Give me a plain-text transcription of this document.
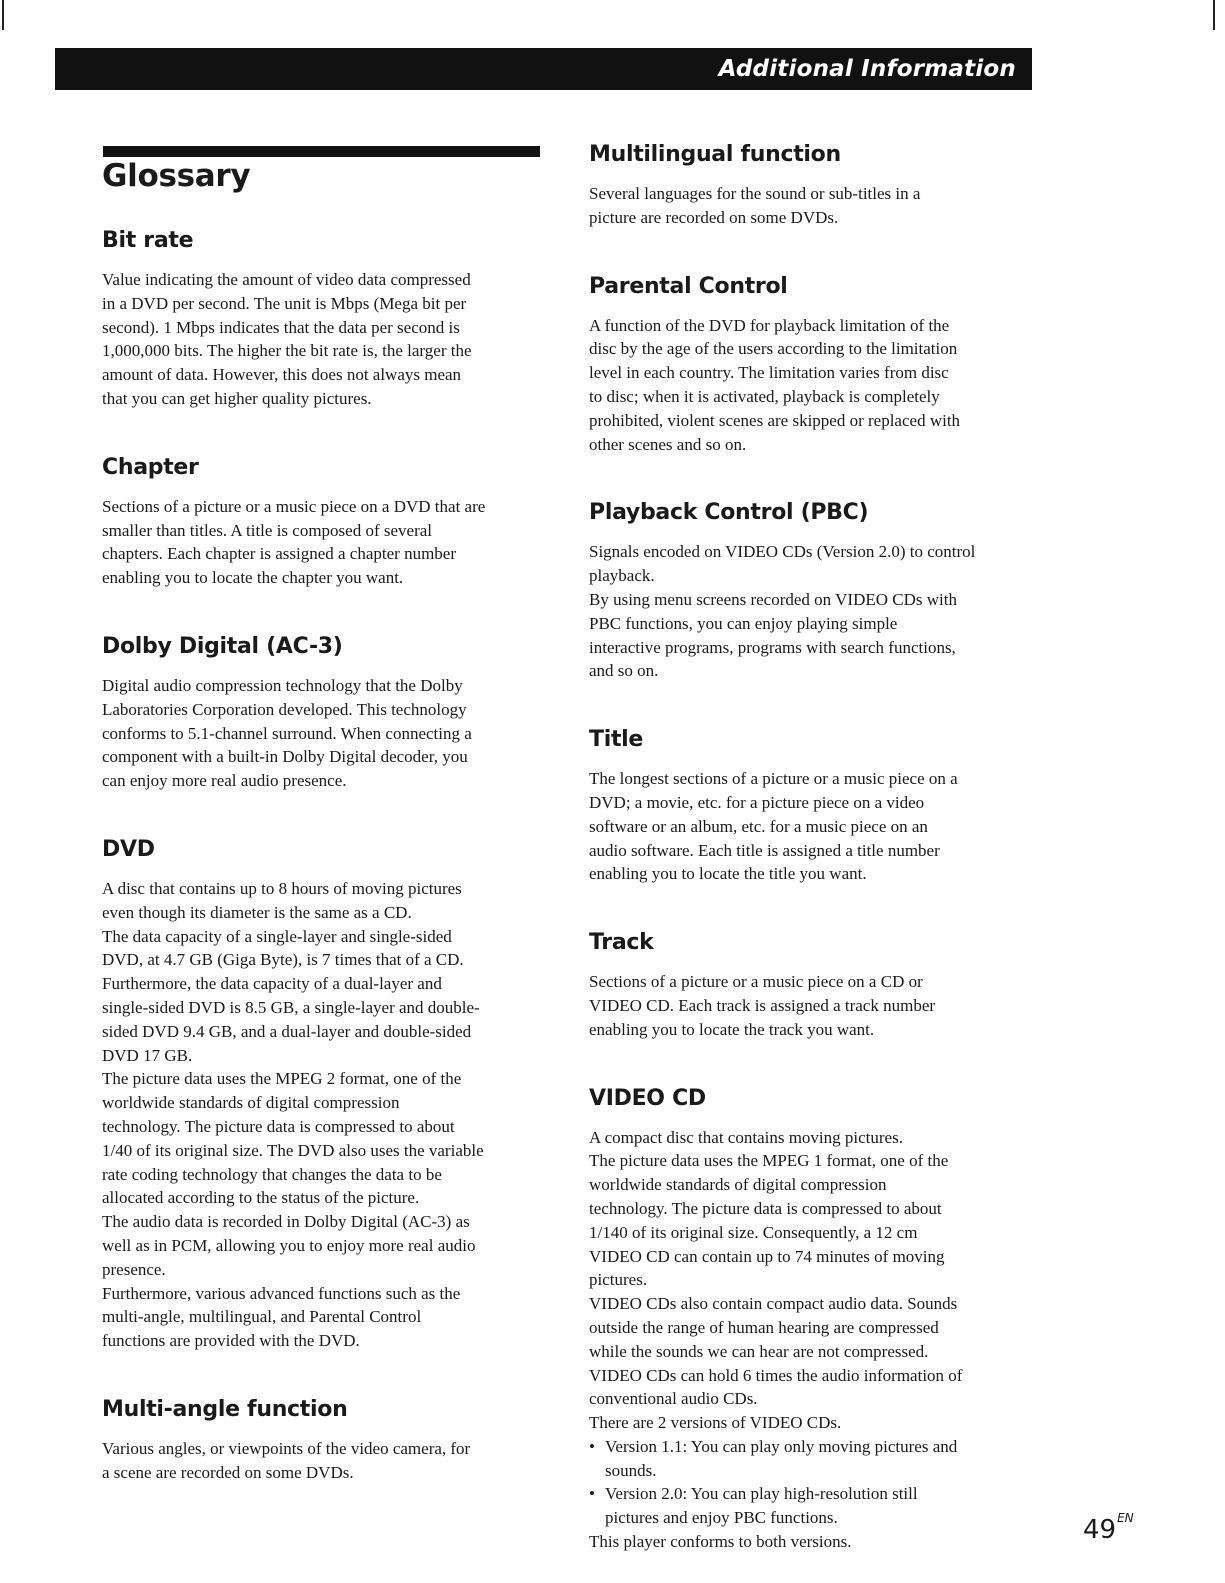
Additional Information
Glossary
Bit rate

Value indicating the amount of video data compressed
in a DVD per second. The unit is Mbps (Mega bit per
second). 1 Mbps indicates that the data per second is
1,000,000 bits. The higher the bit rate is, the larger the
amount of data. However, this does not always mean
that you can get higher quality pictures.

Chapter

Sections of a picture or a music piece on a DVD that are
smaller than titles. A title is composed of several
chapters. Each chapter is assigned a chapter number
enabling you to locate the chapter you want.

Dolby Digital (AC-3)

Digital audio compression technology that the Dolby
Laboratories Corporation developed. This technology
conforms to 5.1-channel surround. When connecting a
component with a built-in Dolby Digital decoder, you
can enjoy more real audio presence.

DVD

A disc that contains up to 8 hours of moving pictures
even though its diameter is the same as a CD.
The data capacity of a single-layer and single-sided
DVD, at 4.7 GB (Giga Byte), is 7 times that of a CD.
Furthermore, the data capacity of a dual-layer and
single-sided DVD is 8.5 GB, a single-layer and double-
sided DVD 9.4 GB, and a dual-layer and double-sided
DVD 17 GB.
The picture data uses the MPEG 2 format, one of the
worldwide standards of digital compression
technology. The picture data is compressed to about
1/40 of its original size. The DVD also uses the variable
rate coding technology that changes the data to be
allocated according to the status of the picture.
The audio data is recorded in Dolby Digital (AC-3) as
well as in PCM, allowing you to enjoy more real audio
presence.
Furthermore, various advanced functions such as the
multi-angle, multilingual, and Parental Control
functions are provided with the DVD.

Multi-angle function

Various angles, or viewpoints of the video camera, for
a scene are recorded on some DVDs.

Multilingual function

Several languages for the sound or sub-titles in a
picture are recorded on some DVDs.

Parental Control

A function of the DVD for playback limitation of the
disc by the age of the users according to the limitation
level in each country. The limitation varies from disc
to disc; when it is activated, playback is completely
prohibited, violent scenes are skipped or replaced with
other scenes and so on.

Playback Control (PBC)

Signals encoded on VIDEO CDs (Version 2.0) to control
playback.
By using menu screens recorded on VIDEO CDs with
PBC functions, you can enjoy playing simple
interactive programs, programs with search functions,
and so on.

Title

The longest sections of a picture or a music piece on a
DVD; a movie, etc. for a picture piece on a video
software or an album, etc. for a music piece on an
audio software. Each title is assigned a title number
enabling you to locate the title you want.

Track

Sections of a picture or a music piece on a CD or
VIDEO CD. Each track is assigned a track number
enabling you to locate the track you want.

VIDEO CD

A compact disc that contains moving pictures.
The picture data uses the MPEG 1 format, one of the
worldwide standards of digital compression
technology. The picture data is compressed to about
1/140 of its original size. Consequently, a 12 cm
VIDEO CD can contain up to 74 minutes of moving
pictures.
VIDEO CDs also contain compact audio data. Sounds
outside the range of human hearing are compressed
while the sounds we can hear are not compressed.
VIDEO CDs can hold 6 times the audio information of
conventional audio CDs.
There are 2 versions of VIDEO CDs.

• Version 1.1: You can play only moving pictures and
sounds.
• Version 2.0: You can play high-resolution still
pictures and enjoy PBC functions.

This player conforms to both versions.	$49^{EN}$
